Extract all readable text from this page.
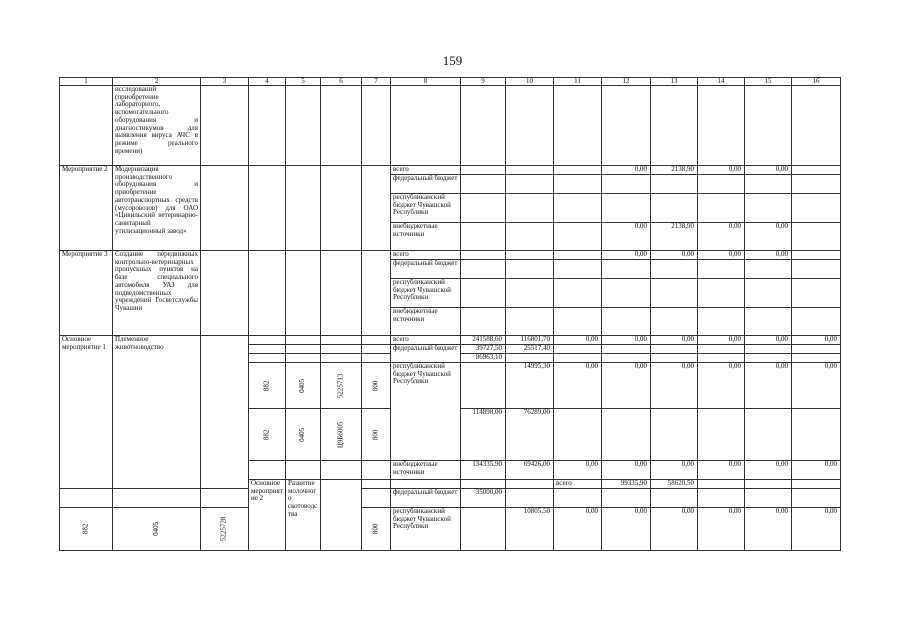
159
1	2	3	4	5	6	7	8	9	10	11	12	13	14	15	16	
	исследований (приобретение лабораторного, вспомогательного оборудования и диагностикумов для выявления вируса АЧС в режиме реального времени)															
Мероприятие 2	Модернизация производственного оборудования и приобретение автотранспортных средств (мусоровозов) для ОАО «Цивильский ветеринарно-санитарный утилизационный завод»						всего				0,00	2138,90	0,00	0,00		
							федеральный бюджет									
							республиканский бюджет Чувашской Республики									
							внебюджетные источники				0,00	2138,90	0,00	0,00		
Мероприятие 3	Создание передвижных контрольно-ветеринарных пропускных пунктов на базе специального автомобиля УАЗ для подведомственных учреждений Госветслужбы Чувашии						всего				0,00	0,00	0,00	0,00		
							федеральный бюджет									
							республиканский бюджет Чувашской Республики									
							внебюджетные источники									
Основное мероприятие 1	Племенное животноводство						всего	241588,60	116801,70	0,00	0,00	0,00	0,00	0,00	0,00	
							федеральный бюджет	39727,50	25517,40							
								86963,10								
			882	0405	5225713	800	республиканский бюджет Чувашской Республики		14995,30	0,00	0,00	0,00	0,00	0,00	0,00	
			882	0405	Ц9Б6005	800		114898,00	76289,00							
							внебюджетные источники	134335,90	69426,00	0,00	0,00	0,00	0,00	0,00	0,00	
			Основное мероприятие 2	Развитие молочного скотоводства						всего	99335,90	58620,50						
							федеральный бюджет	35000,00								
882	0405	5225728				800	республиканский бюджет Чувашской Республики		10805,50	0,00	0,00	0,00	0,00	0,00	0,00	
